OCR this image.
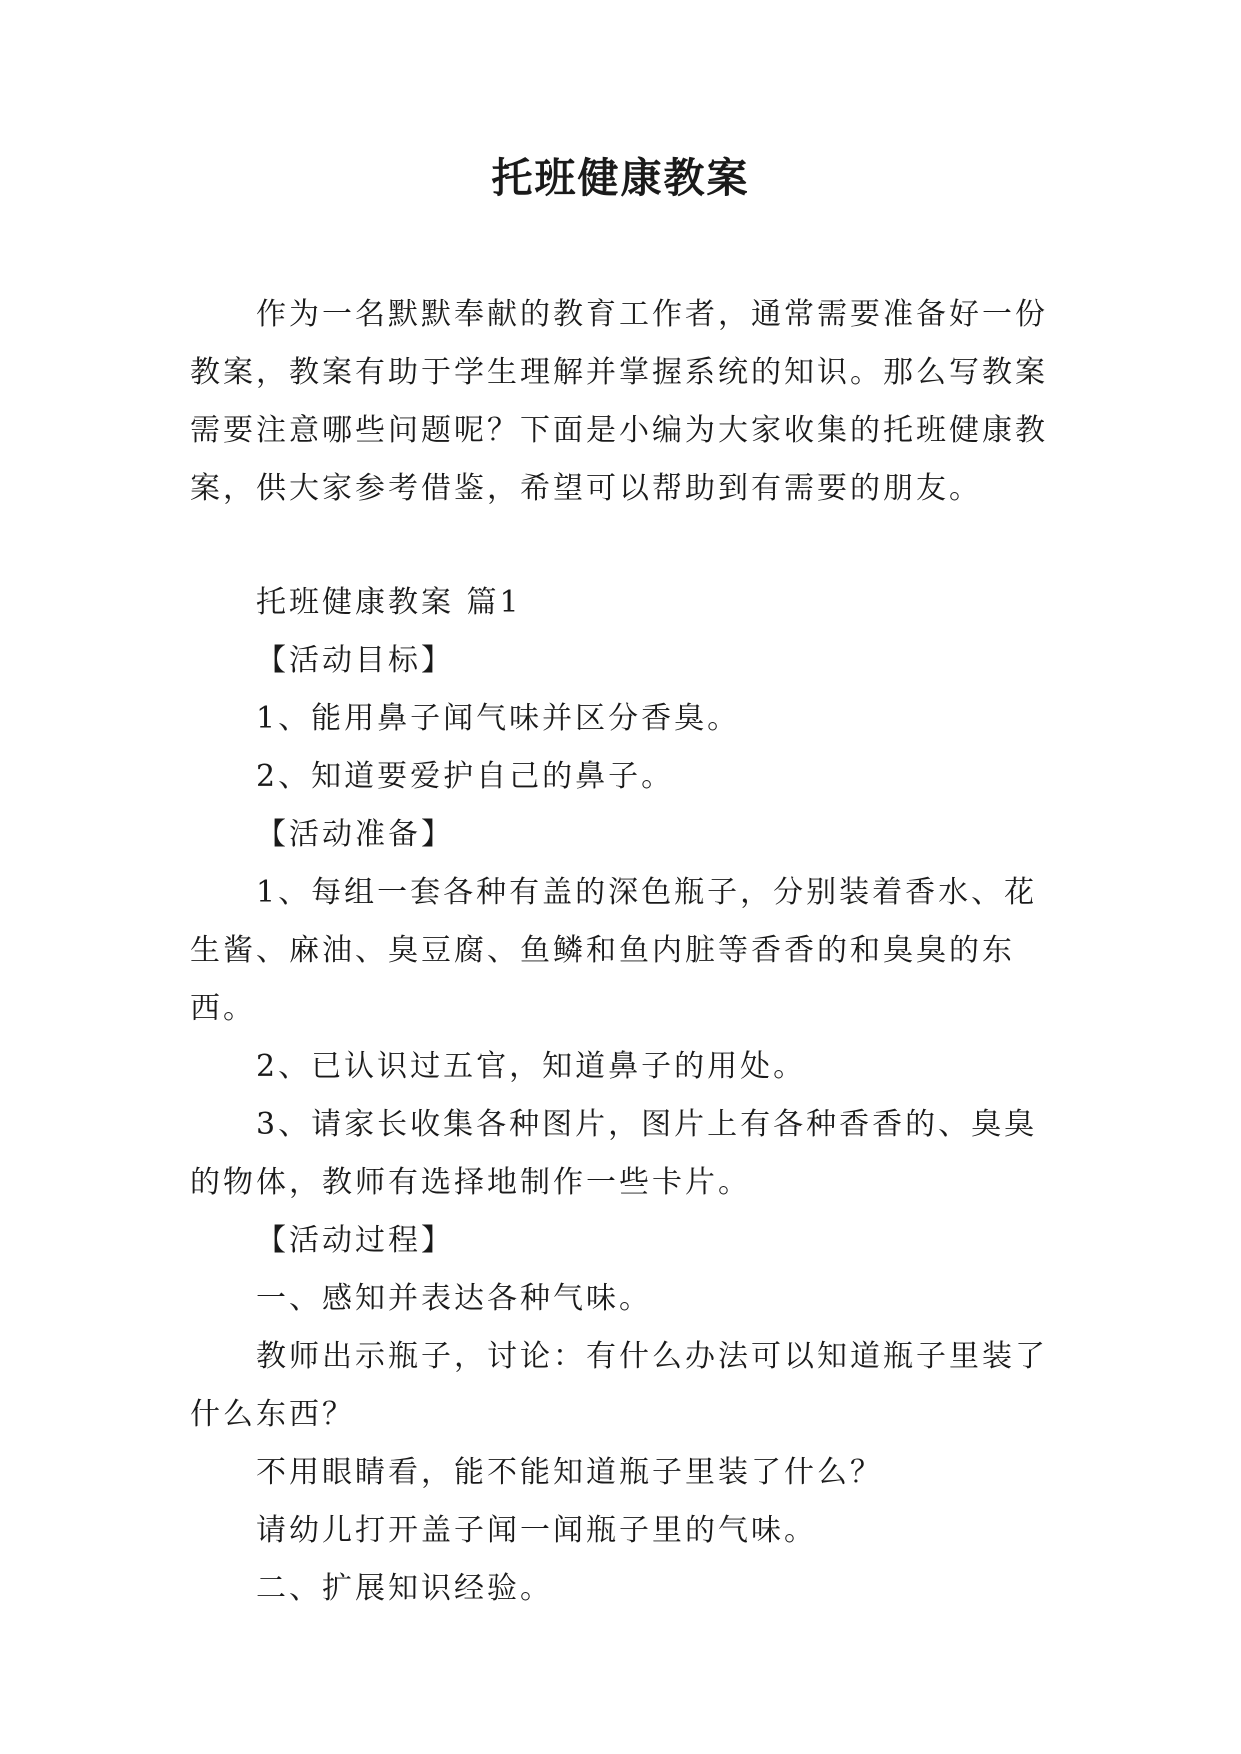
托班健康教案

作为一名默默奉献的教育工作者，通常需要准备好一份教案，教案有助于学生理解并掌握系统的知识。那么写教案需要注意哪些问题呢？下面是小编为大家收集的托班健康教案，供大家参考借鉴，希望可以帮助到有需要的朋友。

托班健康教案 篇1

【活动目标】

1、能用鼻子闻气味并区分香臭。

2、知道要爱护自己的鼻子。

【活动准备】

1、每组一套各种有盖的深色瓶子，分别装着香水、花生酱、麻油、臭豆腐、鱼鳞和鱼内脏等香香的和臭臭的东西。

2、已认识过五官，知道鼻子的用处。

3、请家长收集各种图片，图片上有各种香香的、臭臭的物体，教师有选择地制作一些卡片。

【活动过程】

一、感知并表达各种气味。

教师出示瓶子，讨论：有什么办法可以知道瓶子里装了什么东西？

不用眼睛看，能不能知道瓶子里装了什么？

请幼儿打开盖子闻一闻瓶子里的气味。

二、扩展知识经验。
